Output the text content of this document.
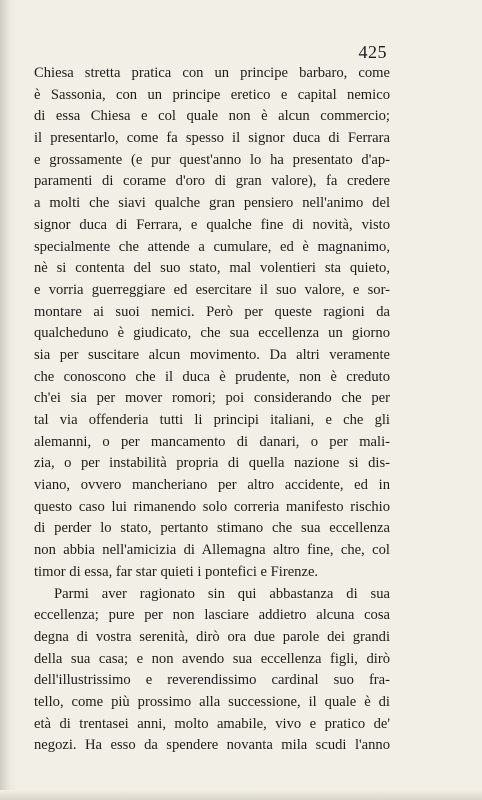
425
Chiesa stretta pratica con un principe barbaro, come
è Sassonia, con un principe eretico e capital nemico
di essa Chiesa e col quale non è alcun commercio;
il presentarlo, come fa spesso il signor duca di Ferrara
e grossamente (e pur quest'anno lo ha presentato d'ap-
paramenti di corame d'oro di gran valore), fa credere
a molti che siavi qualche gran pensiero nell'animo del
signor duca di Ferrara, e qualche fine di novità, visto
specialmente che attende a cumulare, ed è magnanimo,
nè si contenta del suo stato, mal volentieri sta quieto,
e vorria guerreggiare ed esercitare il suo valore, e sor-
montare ai suoi nemici. Però per queste ragioni da
qualcheduno è giudicato, che sua eccellenza un giorno
sia per suscitare alcun movimento. Da altri veramente
che conoscono che il duca è prudente, non è creduto
ch'ei sia per mover romori; poi considerando che per
tal via offenderia tutti li principi italiani, e che gli
alemanni, o per mancamento di danari, o per mali-
zia, o per instabilità propria di quella nazione si dis-
viano, ovvero mancheriano per altro accidente, ed in
questo caso lui rimanendo solo correria manifesto rischio
di perder lo stato, pertanto stimano che sua eccellenza
non abbia nell'amicizia di Allemagna altro fine, che, col
timor di essa, far star quieti i pontefici e Firenze.
Parmi aver ragionato sin qui abbastanza di sua
eccellenza; pure per non lasciare addietro alcuna cosa
degna di vostra serenità, dirò ora due parole dei grandi
della sua casa; e non avendo sua eccellenza figli, dirò
dell'illustrissimo e reverendissimo cardinal suo fra-
tello, come più prossimo alla successione, il quale è di
età di trentasei anni, molto amabile, vivo e pratico de'
negozi. Ha esso da spendere novanta mila scudi l'anno
